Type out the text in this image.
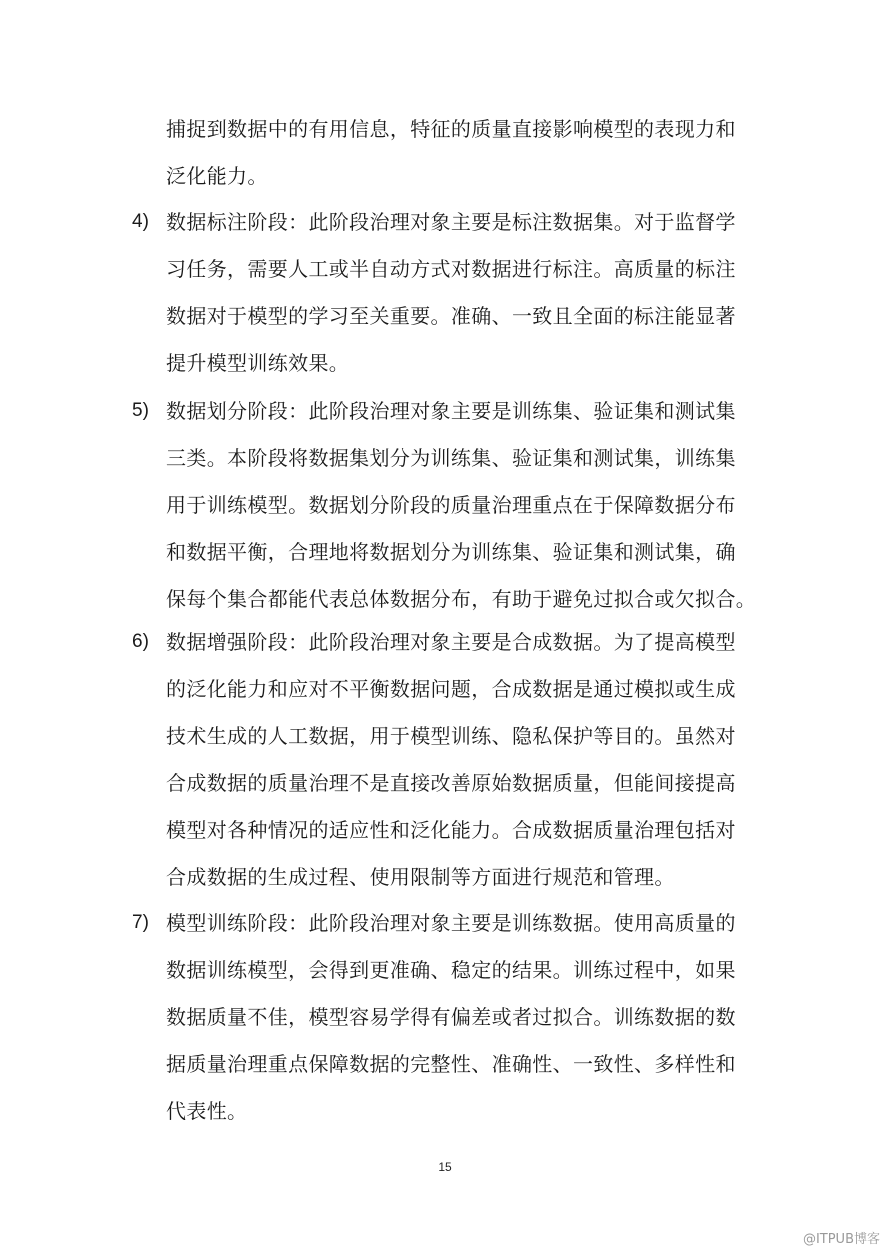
捕捉到数据中的有用信息，特征的质量直接影响模型的表现力和
泛化能力。
4) 数据标注阶段：此阶段治理对象主要是标注数据集。对于监督学
习任务，需要人工或半自动方式对数据进行标注。高质量的标注
数据对于模型的学习至关重要。准确、一致且全面的标注能显著
提升模型训练效果。
5) 数据划分阶段：此阶段治理对象主要是训练集、验证集和测试集
三类。本阶段将数据集划分为训练集、验证集和测试集，训练集
用于训练模型。数据划分阶段的质量治理重点在于保障数据分布
和数据平衡，合理地将数据划分为训练集、验证集和测试集，确
保每个集合都能代表总体数据分布，有助于避免过拟合或欠拟合。
6) 数据增强阶段：此阶段治理对象主要是合成数据。为了提高模型
的泛化能力和应对不平衡数据问题，合成数据是通过模拟或生成
技术生成的人工数据，用于模型训练、隐私保护等目的。虽然对
合成数据的质量治理不是直接改善原始数据质量，但能间接提高
模型对各种情况的适应性和泛化能力。合成数据质量治理包括对
合成数据的生成过程、使用限制等方面进行规范和管理。
7) 模型训练阶段：此阶段治理对象主要是训练数据。使用高质量的
数据训练模型，会得到更准确、稳定的结果。训练过程中，如果
数据质量不佳，模型容易学得有偏差或者过拟合。训练数据的数
据质量治理重点保障数据的完整性、准确性、一致性、多样性和
代表性。
15
@ITPUB博客
